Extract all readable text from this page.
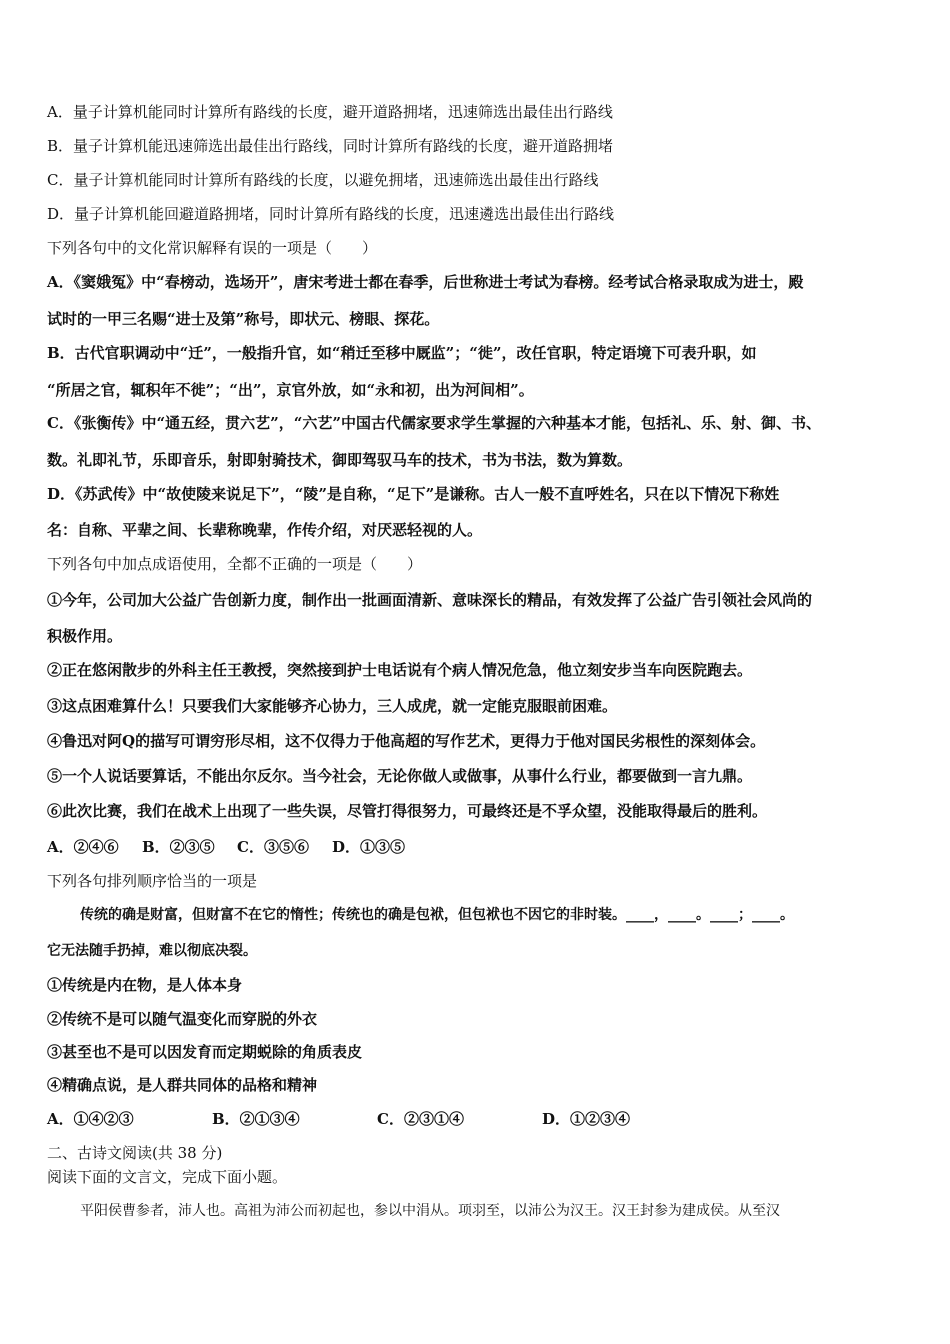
A．量子计算机能同时计算所有路线的长度，避开道路拥堵，迅速筛选出最佳出行路线
B．量子计算机能迅速筛选出最佳出行路线，同时计算所有路线的长度，避开道路拥堵
C．量子计算机能同时计算所有路线的长度，以避免拥堵，迅速筛选出最佳出行路线
D．量子计算机能回避道路拥堵，同时计算所有路线的长度，迅速遴选出最佳出行路线
下列各句中的文化常识解释有误的一项是（　　）
A．《窦娥冤》中“春榜动，选场开”，唐宋考进士都在春季，后世称进士考试为春榜。经考试合格录取成为进士，殿
试时的一甲三名赐“进士及第”称号，即状元、榜眼、探花。
B．古代官职调动中“迁”，一般指升官，如“稍迁至移中厩监”；“徙”，改任官职，特定语境下可表升职，如
“所居之官，辄积年不徙”；“出”，京官外放，如“永和初，出为河间相”。
C．《张衡传》中“通五经，贯六艺”，“六艺”中国古代儒家要求学生掌握的六种基本才能，包括礼、乐、射、御、书、
数。礼即礼节，乐即音乐，射即射骑技术，御即驾驭马车的技术，书为书法，数为算数。
D．《苏武传》中“故使陵来说足下”，“陵”是自称，“足下”是谦称。古人一般不直呼姓名，只在以下情况下称姓
名：自称、平辈之间、长辈称晚辈，作传介绍，对厌恶轻视的人。
下列各句中加点成语使用，全都不正确的一项是（　　）
①今年，公司加大公益广告创新力度，制作出一批画面清新、意味深长的精品，有效发挥了公益广告引领社会风尚的
积极作用。
②正在悠闲散步的外科主任王教授，突然接到护士电话说有个病人情况危急，他立刻安步当车向医院跑去。
③这点困难算什么！只要我们大家能够齐心协力，三人成虎，就一定能克服眼前困难。
④鲁迅对阿Q的描写可谓穷形尽相，这不仅得力于他高超的写作艺术，更得力于他对国民劣根性的深刻体会。
⑤一个人说话要算话，不能出尔反尔。当今社会，无论你做人或做事，从事什么行业，都要做到一言九鼎。
⑥此次比赛，我们在战术上出现了一些失误，尽管打得很努力，可最终还是不孚众望，没能取得最后的胜利。
A．②④⑥ B．②③⑤ C．③⑤⑥ D．①③⑤
下列各句排列顺序恰当的一项是
传统的确是财富，但财富不在它的惰性；传统也的确是包袱，但包袱也不因它的非时装。____，____。____；____。
它无法随手扔掉，难以彻底决裂。
①传统是内在物，是人体本身
②传统不是可以随气温变化而穿脱的外衣
③甚至也不是可以因发育而定期蜕除的角质表皮
④精确点说，是人群共同体的品格和精神
A．①④②③	B．②①③④	C．②③①④	D．①②③④
二、古诗文阅读(共 38 分)
阅读下面的文言文，完成下面小题。
平阳侯曹参者，沛人也。高祖为沛公而初起也，参以中涓从。项羽至，以沛公为汉王。汉王封参为建成侯。从至汉
